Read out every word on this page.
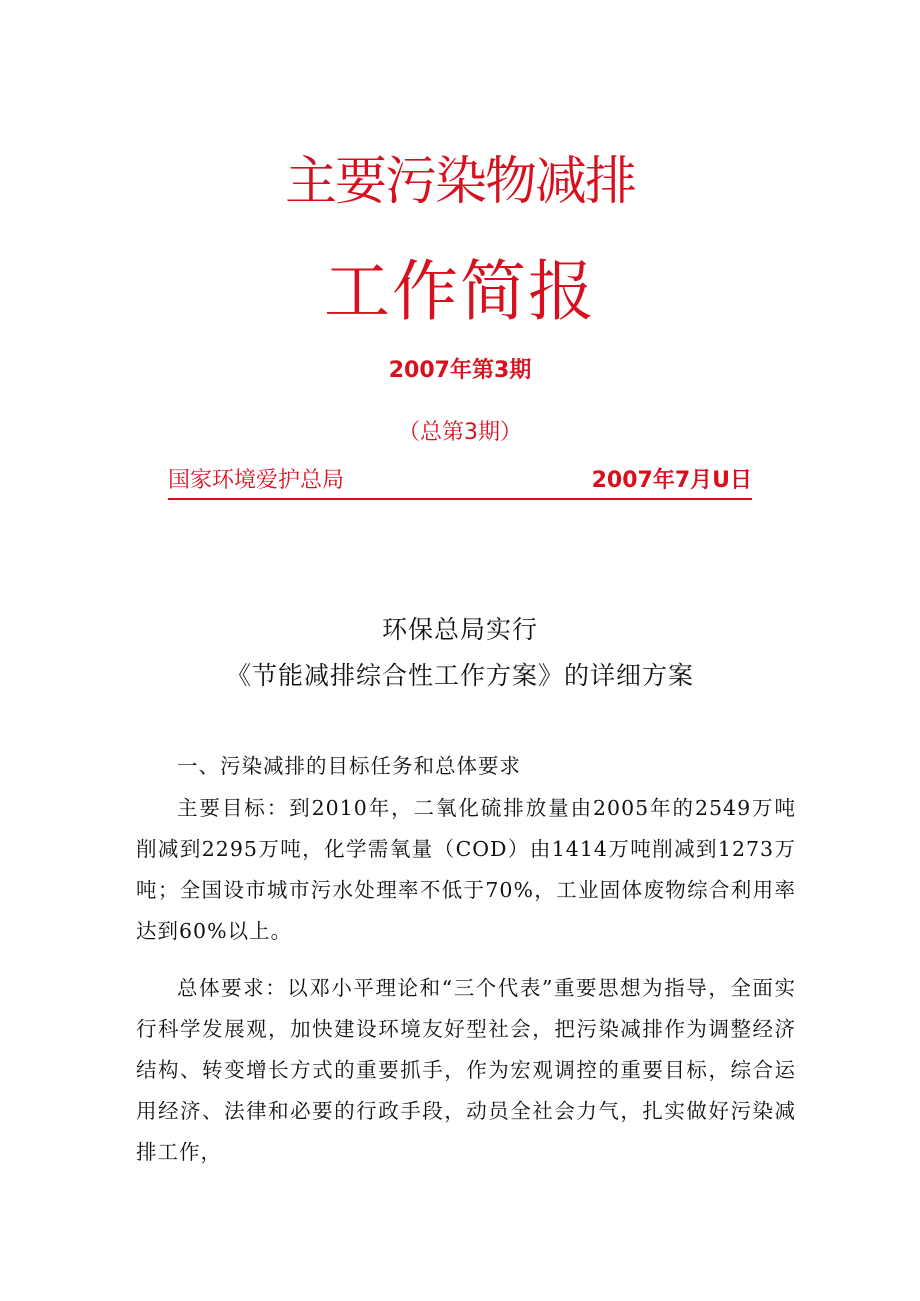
主要污染物减排
工作简报
2007年第3期
（总第3期）
国家环境爱护总局	2007年7月U日
环保总局实行
《节能减排综合性工作方案》的详细方案

一、污染减排的目标任务和总体要求

主要目标：到2010年，二氧化硫排放量由2005年的2549万吨削减到2295万吨，化学需氧量（COD）由1414万吨削减到1273万吨；全国设市城市污水处理率不低于70%，工业固体废物综合利用率达到60%以上。

总体要求：以邓小平理论和“三个代表”重要思想为指导，全面实行科学发展观，加快建设环境友好型社会，把污染减排作为调整经济结构、转变增长方式的重要抓手，作为宏观调控的重要目标，综合运用经济、法律和必要的行政手段，动员全社会力气，扎实做好污染减排工作，
